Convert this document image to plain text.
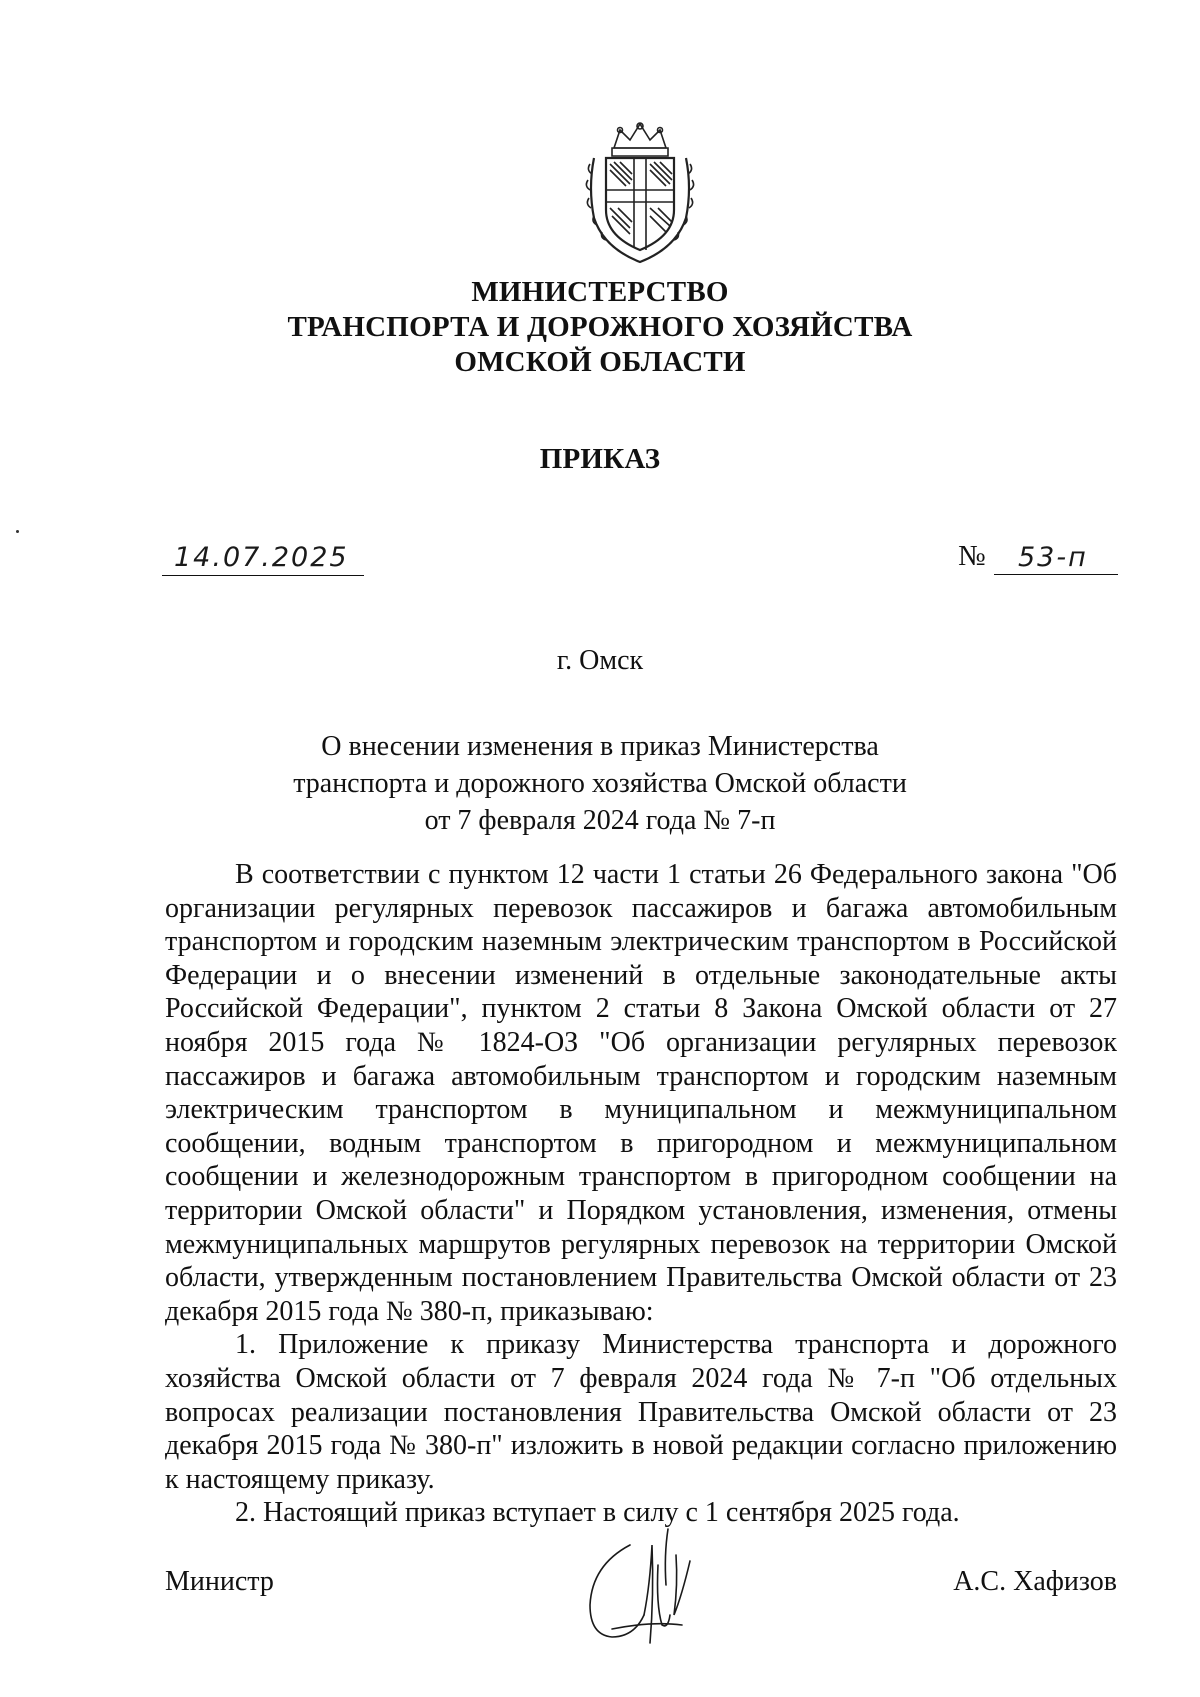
МИНИСТЕРСТВО
ТРАНСПОРТА И ДОРОЖНОГО ХОЗЯЙСТВА
ОМСКОЙ ОБЛАСТИ
ПРИКАЗ
14.07.2025	№ 53-п
г. Омск
О внесении изменения в приказ Министерства
транспорта и дорожного хозяйства Омской области
от 7 февраля 2024 года № 7-п

В соответствии с пунктом 12 части 1 статьи 26 Федерального закона "Об организации регулярных перевозок пассажиров и багажа автомобильным транспортом и городским наземным электрическим транспортом в Российской Федерации и о внесении изменений в отдельные законодательные акты Российской Федерации", пунктом 2 статьи 8 Закона Омской области от 27 ноября 2015 года № 1824-ОЗ "Об организации регулярных перевозок пассажиров и багажа автомобильным транспортом и городским наземным электрическим транспортом в муниципальном и межмуниципальном сообщении, водным транспортом в пригородном и межмуниципальном сообщении и железнодорожным транспортом в пригородном сообщении на территории Омской области" и Порядком установления, изменения, отмены межмуниципальных маршрутов регулярных перевозок на территории Омской области, утвержденным постановлением Правительства Омской области от 23 декабря 2015 года № 380-п, приказываю:

1. Приложение к приказу Министерства транспорта и дорожного хозяйства Омской области от 7 февраля 2024 года № 7-п "Об отдельных вопросах реализации постановления Правительства Омской области от 23 декабря 2015 года № 380-п" изложить в новой редакции согласно приложению к настоящему приказу.

2. Настоящий приказ вступает в силу с 1 сентября 2025 года.

Министр	А.С. Хафизов
